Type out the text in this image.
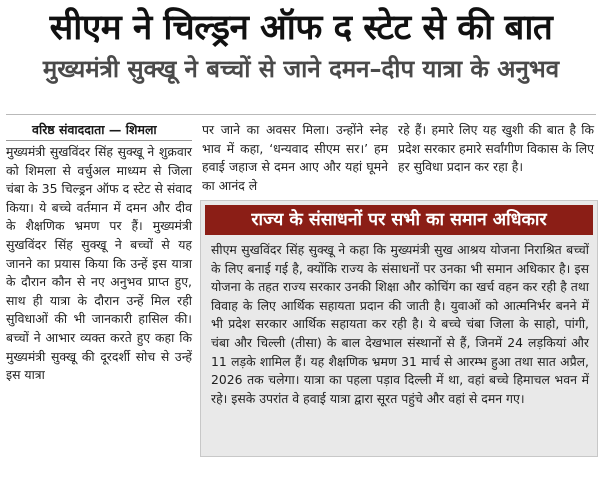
सीएम ने चिल्ड्रन ऑफ द स्टेट से की बात
मुख्यमंत्री सुक्खू ने बच्चों से जाने दमन–दीप यात्रा के अनुभव
वरिष्ठ संवाददाता — शिमला
मुख्यमंत्री सुखविंदर सिंह सुक्खू ने शुक्रवार को शिमला से वर्चुअल माध्यम से जिला चंबा के 35 चिल्ड्रन ऑफ द स्टेट से संवाद किया। ये बच्चे वर्तमान में दमन और दीव के शैक्षणिक भ्रमण पर हैं। मुख्यमंत्री सुखविंदर सिंह सुक्खू ने बच्चों से यह जानने का प्रयास किया कि उन्हें इस यात्रा के दौरान कौन से नए अनुभव प्राप्त हुए, साथ ही यात्रा के दौरान उन्हें मिल रही सुविधाओं की भी जानकारी हासिल की। बच्चों ने आभार व्यक्त करते हुए कहा कि मुख्यमंत्री सुक्खू की दूरदर्शी सोच से उन्हें इस यात्रा
पर जाने का अवसर मिला। उन्होंने स्नेह भाव में कहा, ‘धन्यवाद सीएम सर।’ हम हवाई जहाज से दमन आए और यहां घूमने का आनंद ले
रहे हैं। हमारे लिए यह खुशी की बात है कि प्रदेश सरकार हमारे सर्वांगीण विकास के लिए हर सुविधा प्रदान कर रहा है।
राज्य के संसाधनों पर सभी का समान अधिकार
सीएम सुखविंदर सिंह सुक्खू ने कहा कि मुख्यमंत्री सुख आश्रय योजना निराश्रित बच्चों के लिए बनाई गई है, क्योंकि राज्य के संसाधनों पर उनका भी समान अधिकार है। इस योजना के तहत राज्य सरकार उनकी शिक्षा और कोचिंग का खर्च वहन कर रही है तथा विवाह के लिए आर्थिक सहायता प्रदान की जाती है। युवाओं को आत्मनिर्भर बनने में भी प्रदेश सरकार आर्थिक सहायता कर रही है। ये बच्चे चंबा जिला के साहो, पांगी, चंबा और चिल्ली (तीसा) के बाल देखभाल संस्थानों से हैं, जिनमें 24 लड़कियां और 11 लड़के शामिल हैं। यह शैक्षणिक भ्रमण 31 मार्च से आरम्भ हुआ तथा सात अप्रैल, 2026 तक चलेगा। यात्रा का पहला पड़ाव दिल्ली में था, वहां बच्चे हिमाचल भवन में रहे। इसके उपरांत वे हवाई यात्रा द्वारा सूरत पहुंचे और वहां से दमन गए।
